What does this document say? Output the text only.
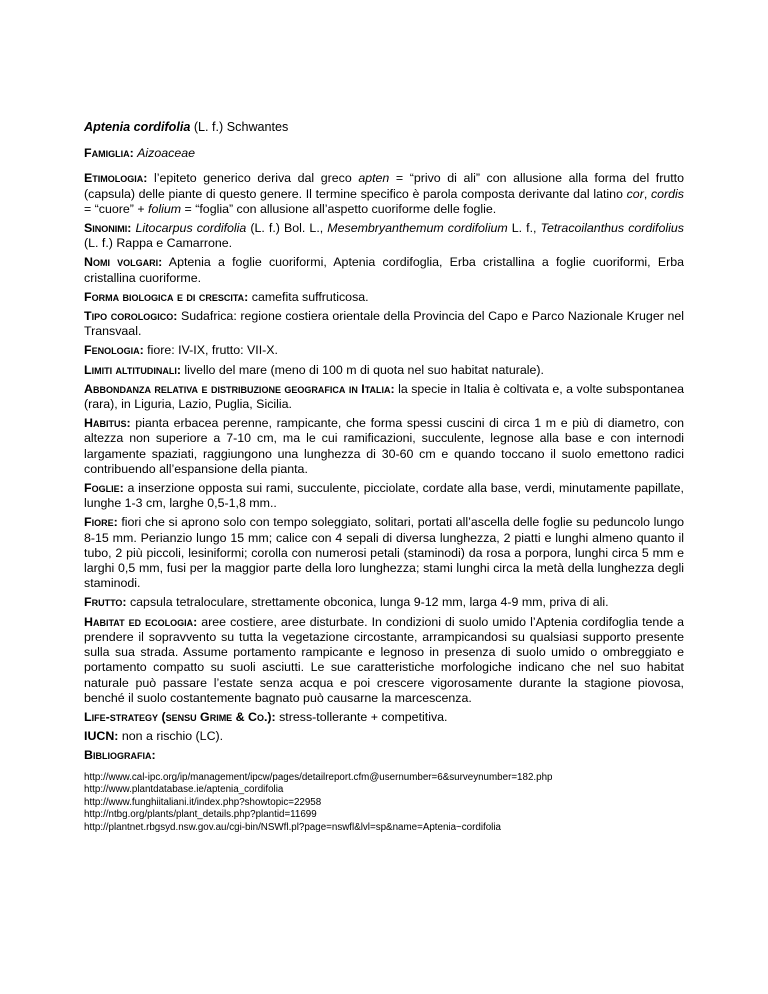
Aptenia cordifolia (L. f.) Schwantes

Famiglia: Aizoaceae

Etimologia: l’epiteto generico deriva dal greco apten = “privo di ali” con allusione alla forma del frutto (capsula) delle piante di questo genere. Il termine specifico è parola composta derivante dal latino cor, cordis = “cuore” + folium = “foglia” con allusione all’aspetto cuoriforme delle foglie.

Sinonimi: Litocarpus cordifolia (L. f.) Bol. L., Mesembryanthemum cordifolium L. f., Tetracoilanthus cordifolius (L. f.) Rappa e Camarrone.

Nomi volgari: Aptenia a foglie cuoriformi, Aptenia cordifoglia, Erba cristallina a foglie cuoriformi, Erba cristallina cuoriforme.

Forma biologica e di crescita: camefita suffruticosa.

Tipo corologico: Sudafrica: regione costiera orientale della Provincia del Capo e Parco Nazionale Kruger nel Transvaal.

Fenologia: fiore: IV-IX, frutto: VII-X.

Limiti altitudinali: livello del mare (meno di 100 m di quota nel suo habitat naturale).

Abbondanza relativa e distribuzione geografica in Italia: la specie in Italia è coltivata e, a volte subspontanea (rara), in Liguria, Lazio, Puglia, Sicilia.

Habitus: pianta erbacea perenne, rampicante, che forma spessi cuscini di circa 1 m e più di diametro, con altezza non superiore a 7-10 cm, ma le cui ramificazioni, succulente, legnose alla base e con internodi largamente spaziati, raggiungono una lunghezza di 30-60 cm e quando toccano il suolo emettono radici contribuendo all’espansione della pianta.

Foglie: a inserzione opposta sui rami, succulente, picciolate, cordate alla base, verdi, minutamente papillate, lunghe 1-3 cm, larghe 0,5-1,8 mm..

Fiore: fiori che si aprono solo con tempo soleggiato, solitari, portati all’ascella delle foglie su peduncolo lungo 8-15 mm. Perianzio lungo 15 mm; calice con 4 sepali di diversa lunghezza, 2 piatti e lunghi almeno quanto il tubo, 2 più piccoli, lesiniformi; corolla con numerosi petali (staminodi) da rosa a porpora, lunghi circa 5 mm e larghi 0,5 mm, fusi per la maggior parte della loro lunghezza; stami lunghi circa la metà della lunghezza degli staminodi.

Frutto: capsula tetraloculare, strettamente obconica, lunga 9-12 mm, larga 4-9 mm, priva di ali.

Habitat ed ecologia: aree costiere, aree disturbate. In condizioni di suolo umido l’Aptenia cordifoglia tende a prendere il sopravvento su tutta la vegetazione circostante, arrampicandosi su qualsiasi supporto presente sulla sua strada. Assume portamento rampicante e legnoso in presenza di suolo umido o ombreggiato e portamento compatto su suoli asciutti. Le sue caratteristiche morfologiche indicano che nel suo habitat naturale può passare l’estate senza acqua e poi crescere vigorosamente durante la stagione piovosa, benché il suolo costantemente bagnato può causarne la marcescenza.

Life-strategy (sensu Grime & Co.): stress-tollerante + competitiva.

IUCN: non a rischio (LC).

Bibliografia:

http://www.cal-ipc.org/ip/management/ipcw/pages/detailreport.cfm@usernumber=6&surveynumber=182.php
http://www.plantdatabase.ie/aptenia_cordifolia
http://www.funghiitaliani.it/index.php?showtopic=22958
http://ntbg.org/plants/plant_details.php?plantid=11699
http://plantnet.rbgsyd.nsw.gov.au/cgi-bin/NSWfl.pl?page=nswfl&lvl=sp&name=Aptenia~cordifolia
